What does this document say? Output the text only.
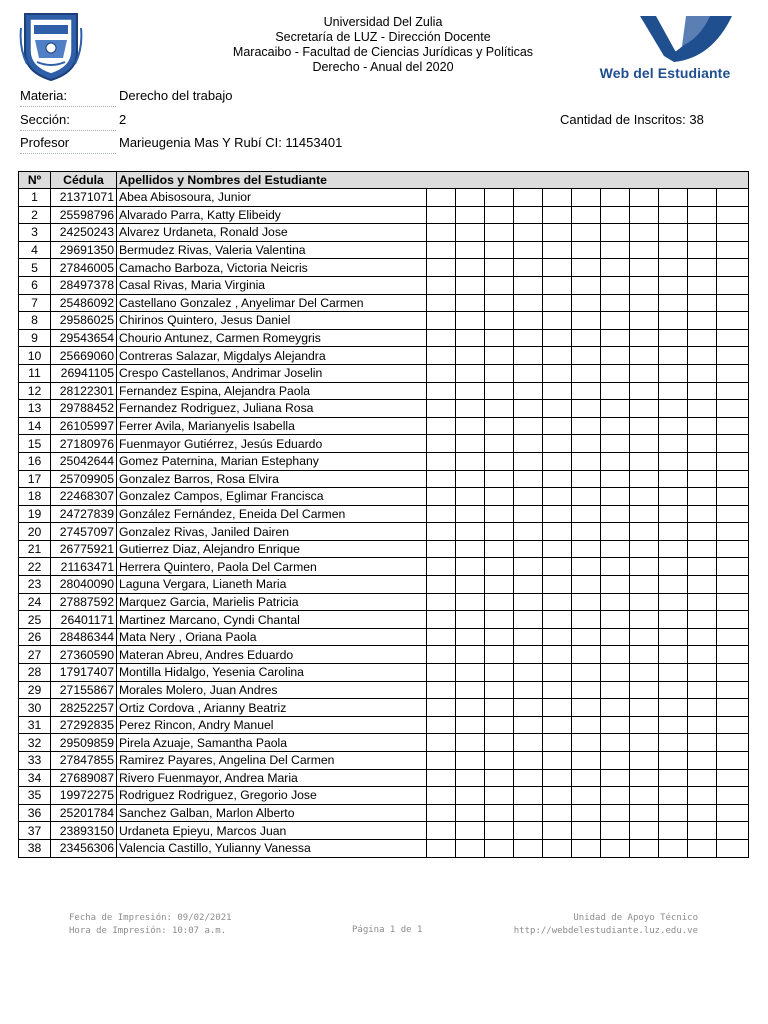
Universidad Del Zulia
Secretaría de LUZ - Dirección Docente
Maracaibo - Facultad de Ciencias Jurídicas y Políticas
Derecho - Anual del 2020	Web del Estudiante
Materia:	Derecho del trabajo
Sección:	2	Cantidad de Inscritos: 38
Profesor	Marieugenia Mas Y Rubí CI: 11453401
Nº	Cédula	Apellidos y Nombres del Estudiante											
1	21371071	Abea Abisosoura, Junior											
2	25598796	Alvarado Parra, Katty Elibeidy											
3	24250243	Alvarez Urdaneta, Ronald Jose											
4	29691350	Bermudez Rivas, Valeria Valentina											
5	27846005	Camacho Barboza, Victoria Neicris											
6	28497378	Casal Rivas, Maria Virginia											
7	25486092	Castellano Gonzalez , Anyelimar Del Carmen											
8	29586025	Chirinos Quintero, Jesus Daniel											
9	29543654	Chourio Antunez, Carmen Romeygris											
10	25669060	Contreras Salazar, Migdalys Alejandra											
11	26941105	Crespo Castellanos, Andrimar Joselin											
12	28122301	Fernandez Espina, Alejandra Paola											
13	29788452	Fernandez Rodriguez, Juliana Rosa											
14	26105997	Ferrer Avila, Marianyelis Isabella											
15	27180976	Fuenmayor Gutiérrez, Jesús Eduardo											
16	25042644	Gomez Paternina, Marian Estephany											
17	25709905	Gonzalez Barros, Rosa Elvira											
18	22468307	Gonzalez Campos, Eglimar Francisca											
19	24727839	González Fernández, Eneida Del Carmen											
20	27457097	Gonzalez Rivas, Janiled Dairen											
21	26775921	Gutierrez Diaz, Alejandro Enrique											
22	21163471	Herrera Quintero, Paola Del Carmen											
23	28040090	Laguna Vergara, Lianeth Maria											
24	27887592	Marquez Garcia, Marielis Patricia											
25	26401171	Martinez Marcano, Cyndi Chantal											
26	28486344	Mata Nery , Oriana Paola											
27	27360590	Materan Abreu, Andres Eduardo											
28	17917407	Montilla Hidalgo, Yesenia Carolina											
29	27155867	Morales Molero, Juan Andres											
30	28252257	Ortiz Cordova , Arianny Beatriz											
31	27292835	Perez Rincon, Andry Manuel											
32	29509859	Pirela Azuaje, Samantha Paola											
33	27847855	Ramirez Payares, Angelina Del Carmen											
34	27689087	Rivero Fuenmayor, Andrea Maria											
35	19972275	Rodriguez Rodriguez, Gregorio Jose											
36	25201784	Sanchez Galban, Marlon Alberto											
37	23893150	Urdaneta Epieyu, Marcos Juan											
38	23456306	Valencia Castillo, Yulianny Vanessa											
Fecha de Impresión: 09/02/2021
Hora de Impresión: 10:07 a.m.	Página 1 de 1
Unidad de Apoyo Técnico
http://webdelestudiante.luz.edu.ve
